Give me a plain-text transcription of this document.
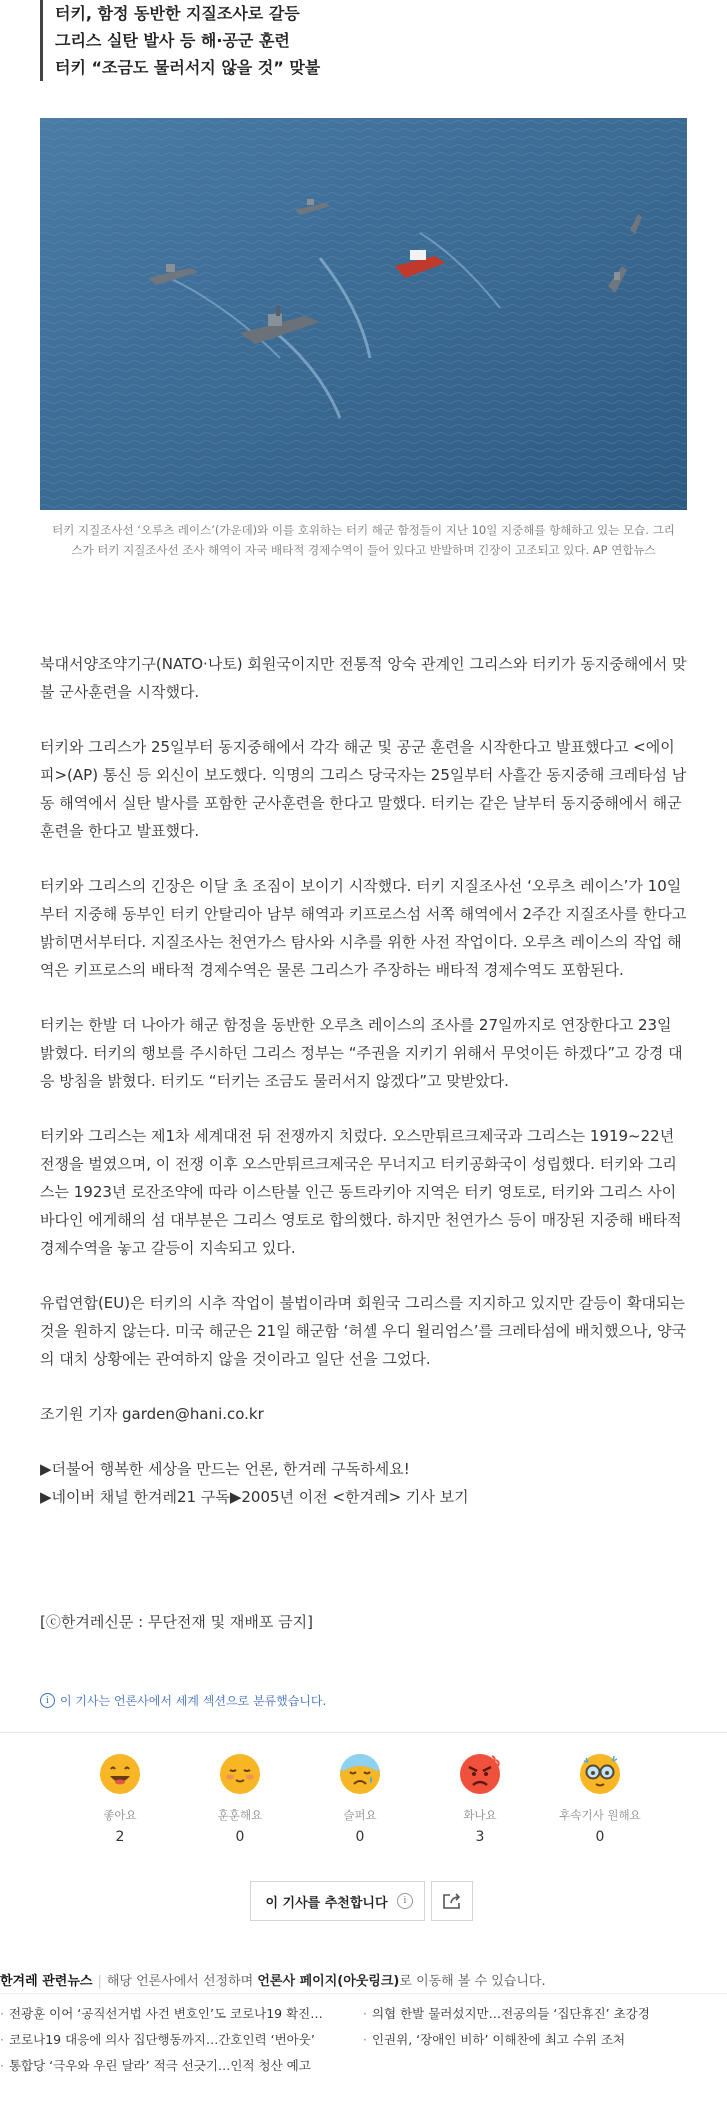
터키, 함정 동반한 지질조사로 갈등
그리스 실탄 발사 등 해·공군 훈련
터키 “조금도 물러서지 않을 것” 맞불
터키 지질조사선 ‘오루츠 레이스’(가운데)와 이를 호위하는 터키 해군 함정들이 지난 10일 지중해를 항해하고 있는 모습. 그리
스가 터키 지질조사선 조사 해역이 자국 배타적 경제수역이 들어 있다고 반발하며 긴장이 고조되고 있다. AP 연합뉴스

북대서양조약기구(NATO·나토) 회원국이지만 전통적 앙숙 관계인 그리스와 터키가 동지중해에서 맞불 군사훈련을 시작했다.

터키와 그리스가 25일부터 동지중해에서 각각 해군 및 공군 훈련을 시작한다고 발표했다고 <에이피>(AP) 통신 등 외신이 보도했다. 익명의 그리스 당국자는 25일부터 사흘간 동지중해 크레타섬 남동 해역에서 실탄 발사를 포함한 군사훈련을 한다고 말했다. 터키는 같은 날부터 동지중해에서 해군 훈련을 한다고 발표했다.

터키와 그리스의 긴장은 이달 초 조짐이 보이기 시작했다. 터키 지질조사선 ‘오루츠 레이스’가 10일부터 지중해 동부인 터키 안탈리아 남부 해역과 키프로스섬 서쪽 해역에서 2주간 지질조사를 한다고 밝히면서부터다. 지질조사는 천연가스 탐사와 시추를 위한 사전 작업이다. 오루츠 레이스의 작업 해역은 키프로스의 배타적 경제수역은 물론 그리스가 주장하는 배타적 경제수역도 포함된다.

터키는 한발 더 나아가 해군 함정을 동반한 오루츠 레이스의 조사를 27일까지로 연장한다고 23일 밝혔다. 터키의 행보를 주시하던 그리스 정부는 “주권을 지키기 위해서 무엇이든 하겠다”고 강경 대응 방침을 밝혔다. 터키도 “터키는 조금도 물러서지 않겠다”고 맞받았다.

터키와 그리스는 제1차 세계대전 뒤 전쟁까지 치렀다. 오스만튀르크제국과 그리스는 1919~22년 전쟁을 벌였으며, 이 전쟁 이후 오스만튀르크제국은 무너지고 터키공화국이 성립했다. 터키와 그리스는 1923년 로잔조약에 따라 이스탄불 인근 동트라키아 지역은 터키 영토로, 터키와 그리스 사이 바다인 에게해의 섬 대부분은 그리스 영토로 합의했다. 하지만 천연가스 등이 매장된 지중해 배타적 경제수역을 놓고 갈등이 지속되고 있다.

유럽연합(EU)은 터키의 시추 작업이 불법이라며 회원국 그리스를 지지하고 있지만 갈등이 확대되는 것을 원하지 않는다. 미국 해군은 21일 해군함 ‘허셸 우디 윌리엄스’를 크레타섬에 배치했으나, 양국의 대치 상황에는 관여하지 않을 것이라고 일단 선을 그었다.

조기원 기자 garden@hani.co.kr

▶더불어 행복한 세상을 만드는 언론, 한겨레 구독하세요!
▶네이버 채널 한겨레21 구독▶2005년 이전 <한겨레> 기사 보기
[ⓒ한겨레신문 : 무단전재 및 재배포 금지]
i 이 기사는 언론사에서 세계 섹션으로 분류했습니다.
좋아요
2
훈훈해요
0
슬퍼요
0
화나요
3
후속기사 원해요
0
이 기사를 추천합니다	i
한겨레 관련뉴스 | 해당 언론사에서 선정하며 언론사 페이지(아웃링크)로 이동해 볼 수 있습니다.
· 전광훈 이어 ‘공직선거법 사건 변호인’도 코로나19 확진…	· 의협 한발 물러섰지만…전공의들 ‘집단휴진’ 초강경
· 코로나19 대응에 의사 집단행동까지…간호인력 ‘번아웃’	· 인권위, ‘장애인 비하’ 이해찬에 최고 수위 조처
· 통합당 ‘극우와 우린 달라’ 적극 선긋기…인적 청산 예고
